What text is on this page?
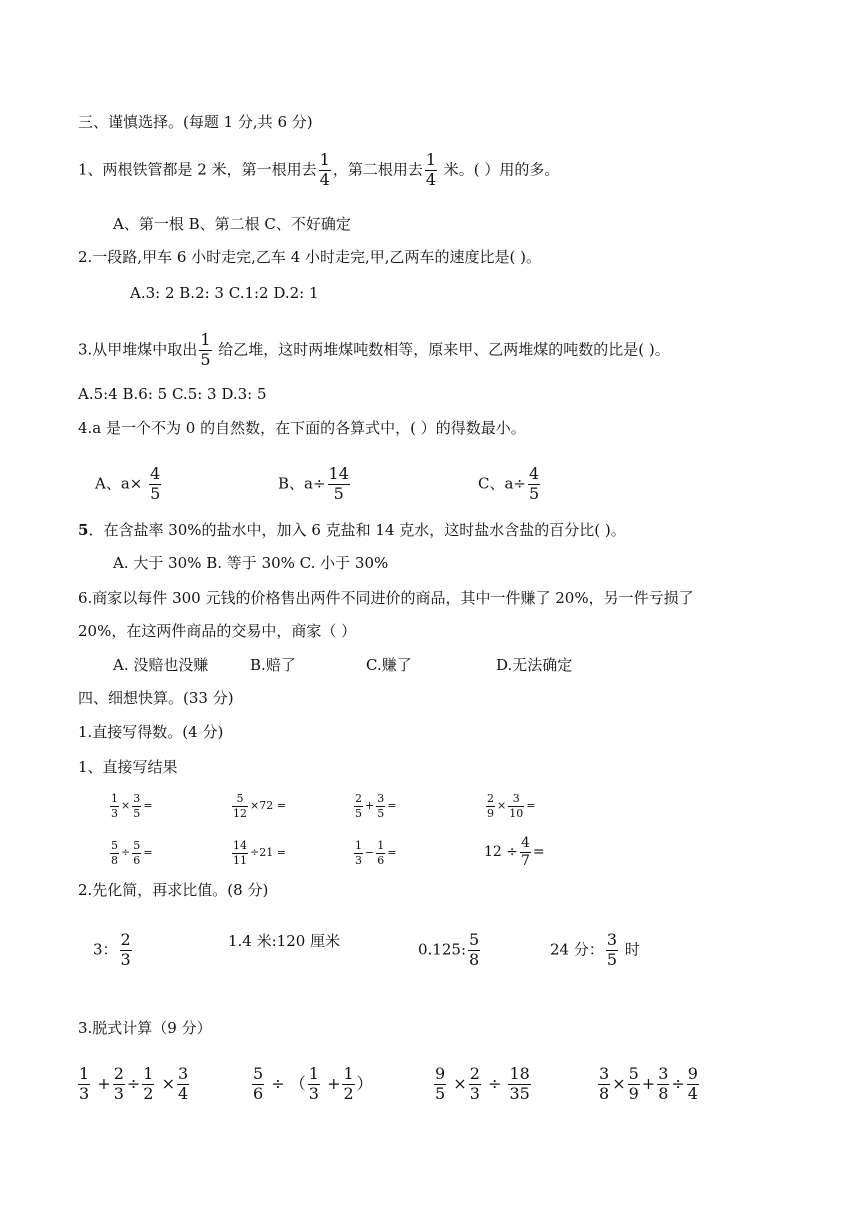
三、谨慎选择。(每题 1 分,共 6 分)
1、两根铁管都是 2 米，第一根用去 $\frac{1}{4}$ ，第二根用去 $\frac{1}{4}$ 米。( ）用的多。
A、第一根 B、第二根 C、不好确定
2.一段路,甲车 6 小时走完,乙车 4 小时走完,甲,乙两车的速度比是( )。
A.3: 2 B.2: 3 C.1:2 D.2: 1
3.从甲堆煤中取出 $\frac{1}{5}$ 给乙堆，这时两堆煤吨数相等，原来甲、乙两堆煤的吨数的比是( )。
A.5:4 B.6: 5 C.5: 3 D.3: 5
4.a 是一个不为 0 的自然数，在下面的各算式中，( ）的得数最小。
A、$a\times \frac{4}{5}$	B、$a\div \frac{14}{5}$	C、$a\div \frac{4}{5}$
5．在含盐率 30%的盐水中，加入 6 克盐和 14 克水，这时盐水含盐的百分比( )。
A. 大于 30% B. 等于 30% C. 小于 30%
6.商家以每件 300 元钱的价格售出两件不同进价的商品，其中一件赚了 20%，另一件亏损了
20%，在这两件商品的交易中，商家（ ）
A. 没赔也没赚	B.赔了	C.赚了	D.无法确定
四、细想快算。(33 分)
1.直接写得数。(4 分)
1、直接写结果
$\frac{1}{3} \times \frac{3}{5}$ =	$\frac{5}{12} \times 72$ =	$\frac{2}{5} + \frac{3}{5}$ =	$\frac{2}{9} \times \frac{3}{10}$ =
$\frac{5}{8} \div \frac{5}{6}$ =	$\frac{14}{11} \div 21$ =	$\frac{1}{3} - \frac{1}{6}$ =	$12 \div \frac{4}{7}$ =
2.先化简，再求比值。(8 分)
3： $\frac{2}{3}$	1.4 米:120 厘米	0.125: $\frac{5}{8}$	24 分： $\frac{3}{5}$ 时
3.脱式计算（9 分）
$\frac{1}{3} + \frac{2}{3} \div \frac{1}{2} \times \frac{3}{4}$	$\frac{5}{6}$ ÷ （ $\frac{1}{3} + \frac{1}{2}$ ）	$\frac{9}{5} \times \frac{2}{3} \div \frac{18}{35}$	$\frac{3}{8} \times \frac{5}{9} + \frac{3}{8} \div \frac{9}{4}$
